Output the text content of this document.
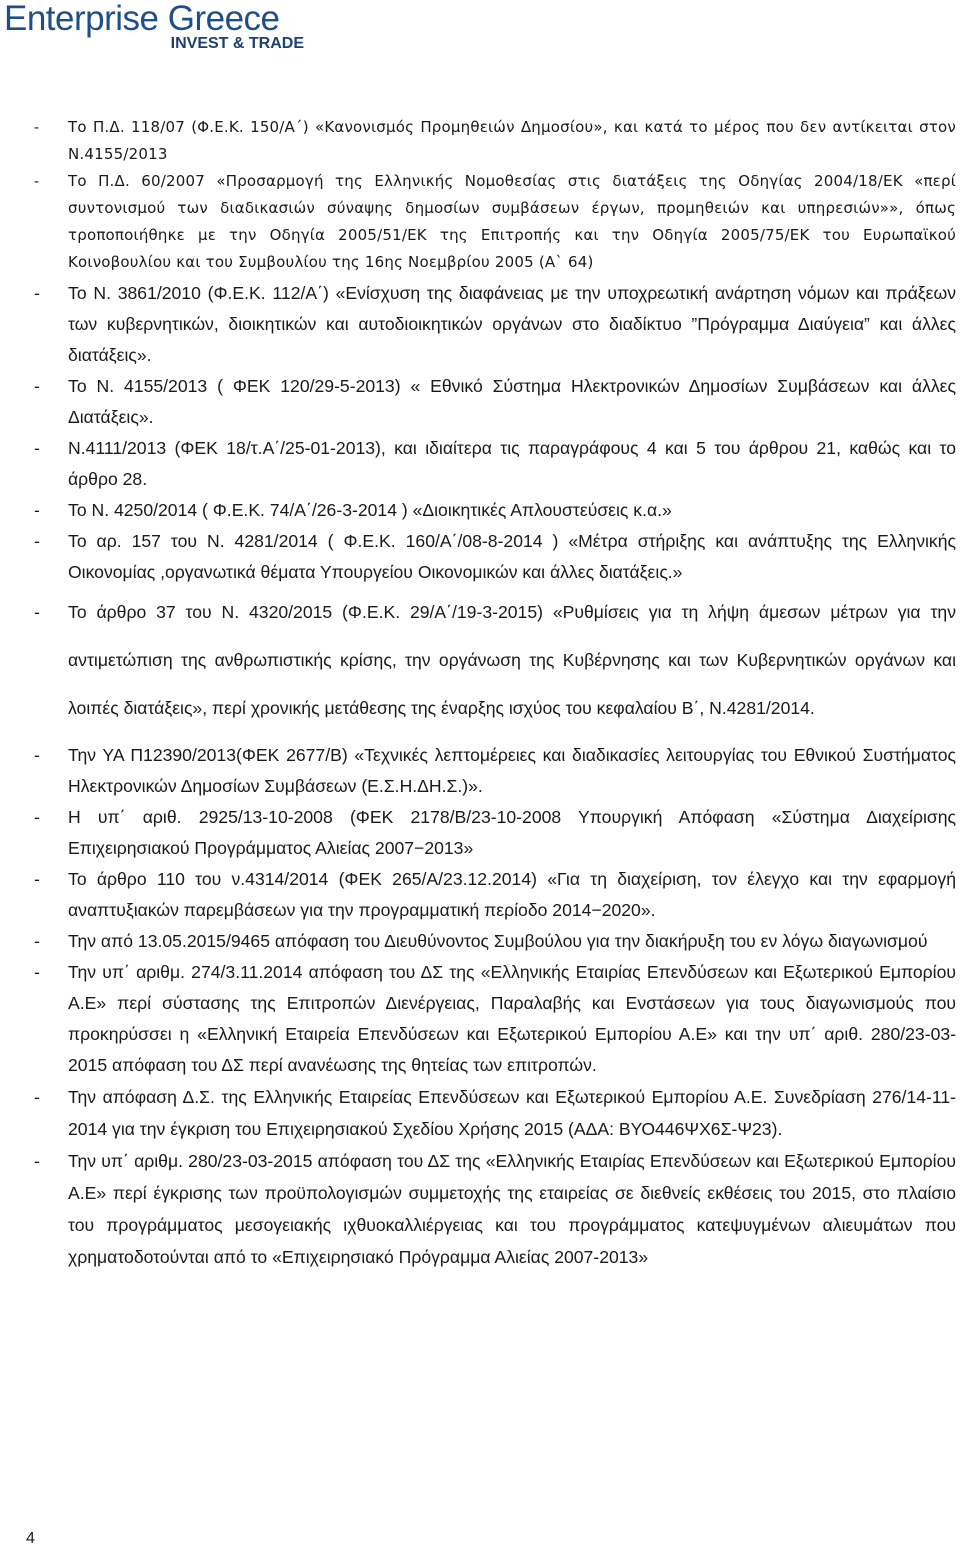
Enterprise Greece
INVEST & TRADE
- Το Π.Δ. 118/07 (Φ.Ε.Κ. 150/Α΄) «Κανονισμός Προμηθειών Δημοσίου», και κατά το μέρος που δεν αντίκειται στον Ν.4155/2013
- Το Π.Δ. 60/2007 «Προσαρμογή της Ελληνικής Νομοθεσίας στις διατάξεις της Οδηγίας 2004/18/ΕΚ «περί συντονισμού των διαδικασιών σύναψης δημοσίων συμβάσεων έργων, προμηθειών και υπηρεσιών»», όπως τροποποιήθηκε με την Οδηγία 2005/51/ΕΚ της Επιτροπής και την Οδηγία 2005/75/ΕΚ του Ευρωπαϊκού Κοινοβουλίου και του Συμβουλίου της 16ης Νοεμβρίου 2005 (Α` 64)
- Το Ν. 3861/2010 (Φ.Ε.Κ. 112/Α΄) «Ενίσχυση της διαφάνειας με την υποχρεωτική ανάρτηση νόμων και πράξεων των κυβερνητικών, διοικητικών και αυτοδιοικητικών οργάνων στο διαδίκτυο ”Πρόγραμμα Διαύγεια” και άλλες διατάξεις».
- Το Ν. 4155/2013 ( ΦΕΚ 120/29-5-2013) « Εθνικό Σύστημα Ηλεκτρονικών Δημοσίων Συμβάσεων και άλλες Διατάξεις».
- Ν.4111/2013 (ΦΕΚ 18/τ.Α΄/25-01-2013), και ιδιαίτερα τις παραγράφους 4 και 5 του άρθρου 21, καθώς και το άρθρο 28.
- Το Ν. 4250/2014 ( Φ.Ε.Κ. 74/Α΄/26-3-2014 ) «Διοικητικές Απλουστεύσεις κ.α.»
- Το αρ. 157 του Ν. 4281/2014 ( Φ.Ε.Κ. 160/Α΄/08-8-2014 ) «Μέτρα στήριξης και ανάπτυξης της Ελληνικής Οικονομίας ,οργανωτικά θέματα Υπουργείου Οικονομικών και άλλες διατάξεις.»
- Το άρθρο 37 του Ν. 4320/2015 (Φ.Ε.Κ. 29/Α΄/19-3-2015) «Ρυθμίσεις για τη λήψη άμεσων μέτρων για την αντιμετώπιση της ανθρωπιστικής κρίσης, την οργάνωση της Κυβέρνησης και των Κυβερνητικών οργάνων και λοιπές διατάξεις», περί χρονικής μετάθεσης της έναρξης ισχύος του κεφαλαίου Β΄, Ν.4281/2014.
- Την ΥΑ Π12390/2013(ΦΕΚ 2677/Β) «Τεχνικές λεπτομέρειες και διαδικασίες λειτουργίας του Εθνικού Συστήματος Ηλεκτρονικών Δημοσίων Συμβάσεων (Ε.Σ.Η.ΔΗ.Σ.)».
- Η υπ΄ αριθ. 2925/13-10-2008 (ΦΕΚ 2178/Β/23-10-2008 Υπουργική Απόφαση «Σύστημα Διαχείρισης Επιχειρησιακού Προγράμματος Αλιείας 2007−2013»
- Το άρθρο 110 του ν.4314/2014 (ΦΕΚ 265/Α/23.12.2014) «Για τη διαχείριση, τον έλεγχο και την εφαρμογή αναπτυξιακών παρεμβάσεων για την προγραμματική περίοδο 2014−2020».
- Την από 13.05.2015/9465 απόφαση του Διευθύνοντος Συμβούλου για την διακήρυξη του εν λόγω διαγωνισμού
- Την υπ΄ αριθμ. 274/3.11.2014 απόφαση του ΔΣ της «Ελληνικής Εταιρίας Επενδύσεων και Εξωτερικού Εμπορίου Α.Ε» περί σύστασης της Επιτροπών Διενέργειας, Παραλαβής και Ενστάσεων για τους διαγωνισμούς που προκηρύσσει η «Ελληνική Εταιρεία Επενδύσεων και Εξωτερικού Εμπορίου Α.Ε» και την υπ΄ αριθ. 280/23-03-2015 απόφαση του ΔΣ περί ανανέωσης της θητείας των επιτροπών.
- Την απόφαση Δ.Σ. της Ελληνικής Εταιρείας Επενδύσεων και Εξωτερικού Εμπορίου Α.Ε. Συνεδρίαση 276/14-11-2014 για την έγκριση του Επιχειρησιακού Σχεδίου Χρήσης 2015 (ΑΔΑ: ΒΥΟ446ΨΧ6Σ-Ψ23).
- Την υπ΄ αριθμ. 280/23-03-2015 απόφαση του ΔΣ της «Ελληνικής Εταιρίας Επενδύσεων και Εξωτερικού Εμπορίου Α.Ε» περί έγκρισης των προϋπολογισμών συμμετοχής της εταιρείας σε διεθνείς εκθέσεις του 2015, στο πλαίσιο του προγράμματος μεσογειακής ιχθυοκαλλιέργειας και του προγράμματος κατεψυγμένων αλιευμάτων που χρηματοδοτούνται από το «Επιχειρησιακό Πρόγραμμα Αλιείας 2007-2013»
4
